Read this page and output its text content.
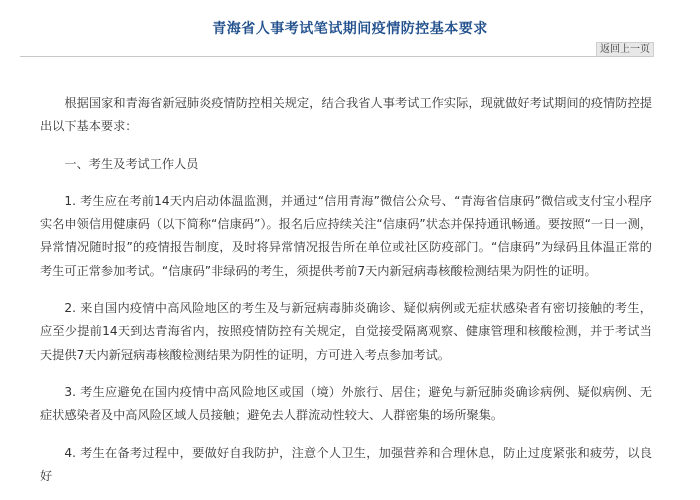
青海省人事考试笔试期间疫情防控基本要求
返回上一页

根据国家和青海省新冠肺炎疫情防控相关规定，结合我省人事考试工作实际，现就做好考试期间的疫情防控提出以下基本要求：

一、考生及考试工作人员

1. 考生应在考前14天内启动体温监测，并通过“信用青海”微信公众号、“青海省信康码”微信或支付宝小程序实名申领信用健康码（以下简称“信康码”）。报名后应持续关注“信康码”状态并保持通讯畅通。要按照“一日一测，异常情况随时报”的疫情报告制度，及时将异常情况报告所在单位或社区防疫部门。“信康码”为绿码且体温正常的考生可正常参加考试。“信康码”非绿码的考生，须提供考前7天内新冠病毒核酸检测结果为阴性的证明。

2. 来自国内疫情中高风险地区的考生及与新冠病毒肺炎确诊、疑似病例或无症状感染者有密切接触的考生，应至少提前14天到达青海省内，按照疫情防控有关规定，自觉接受隔离观察、健康管理和核酸检测，并于考试当天提供7天内新冠病毒核酸检测结果为阴性的证明，方可进入考点参加考试。

3. 考生应避免在国内疫情中高风险地区或国（境）外旅行、居住；避免与新冠肺炎确诊病例、疑似病例、无症状感染者及中高风险区域人员接触；避免去人群流动性较大、人群密集的场所聚集。

4. 考生在备考过程中，要做好自我防护，注意个人卫生，加强营养和合理休息，防止过度紧张和疲劳，以良好
